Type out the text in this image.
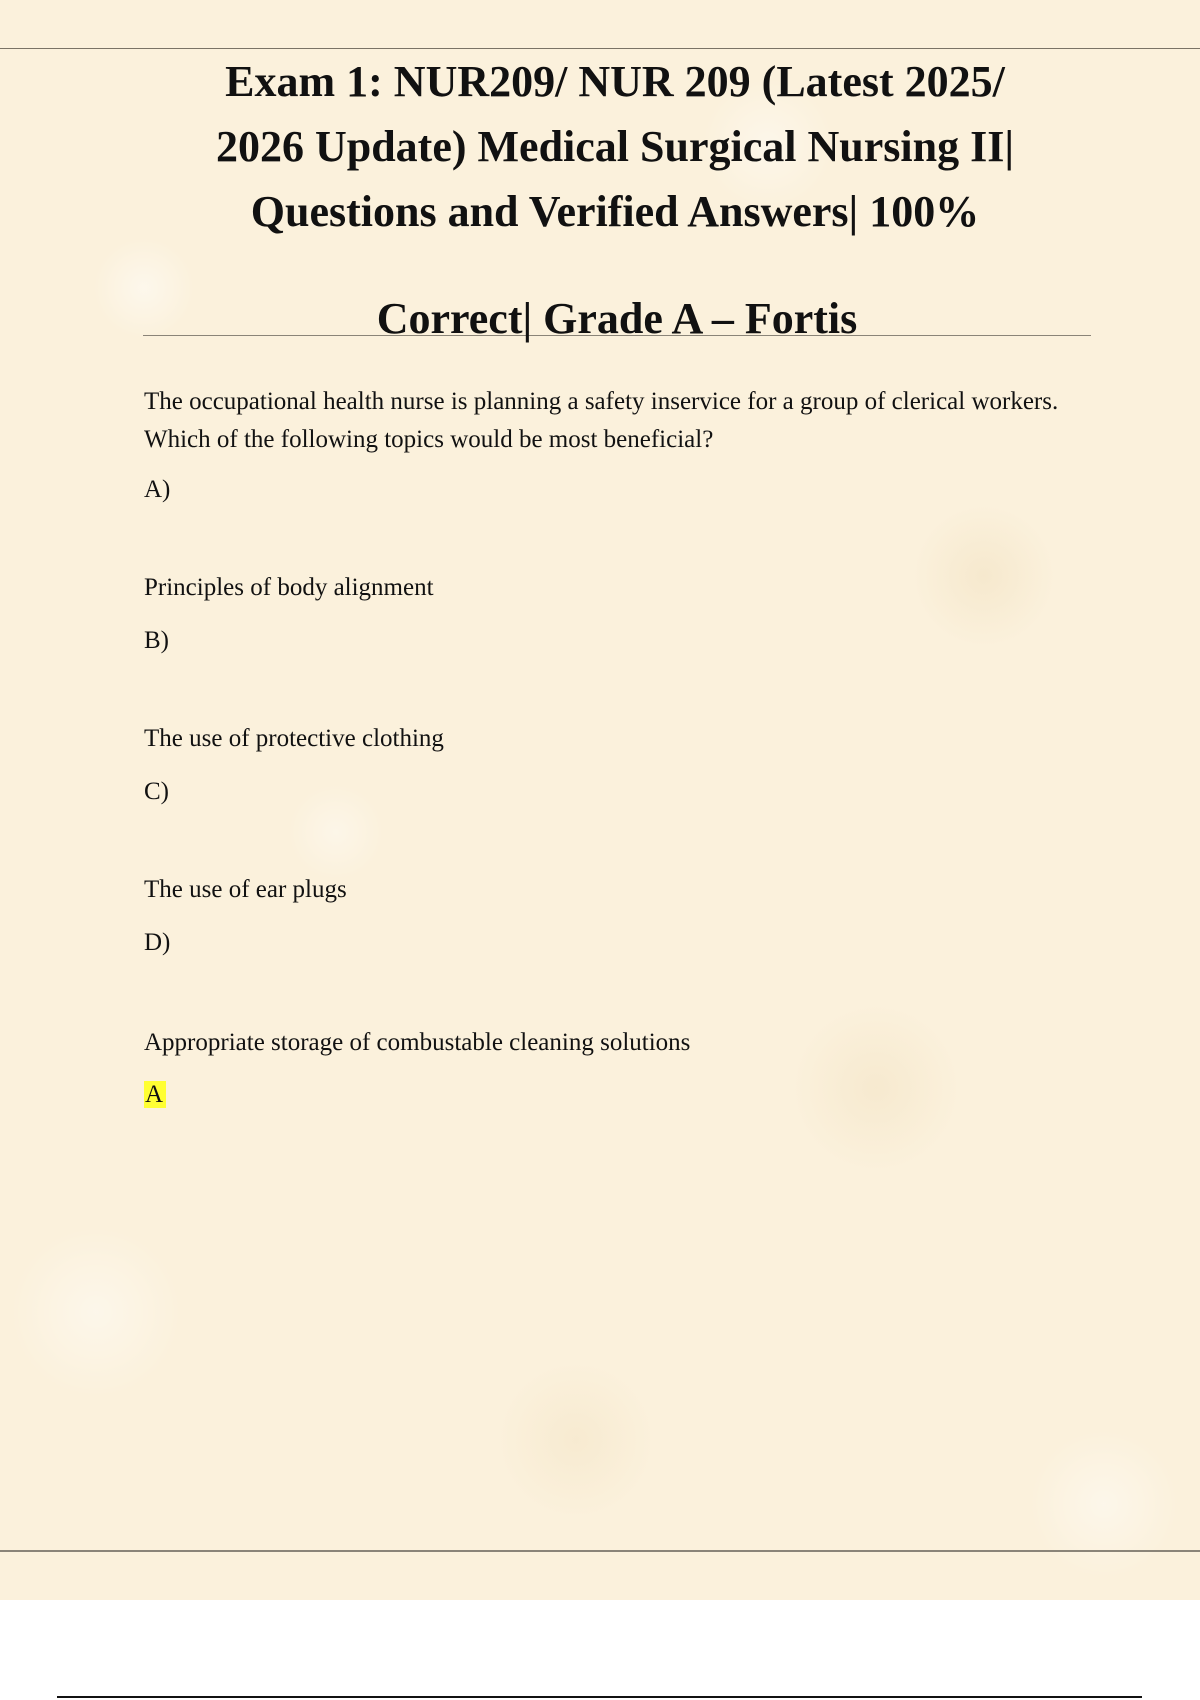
Exam 1: NUR209/ NUR 209 (Latest 2025/
2026 Update) Medical Surgical Nursing II|
Questions and Verified Answers| 100%
Correct| Grade A – Fortis

The occupational health nurse is planning a safety inservice for a group of clerical workers. Which of the following topics would be most beneficial?

A)

Principles of body alignment

B)

The use of protective clothing

C)

The use of ear plugs

D)

Appropriate storage of combustable cleaning solutions

A
